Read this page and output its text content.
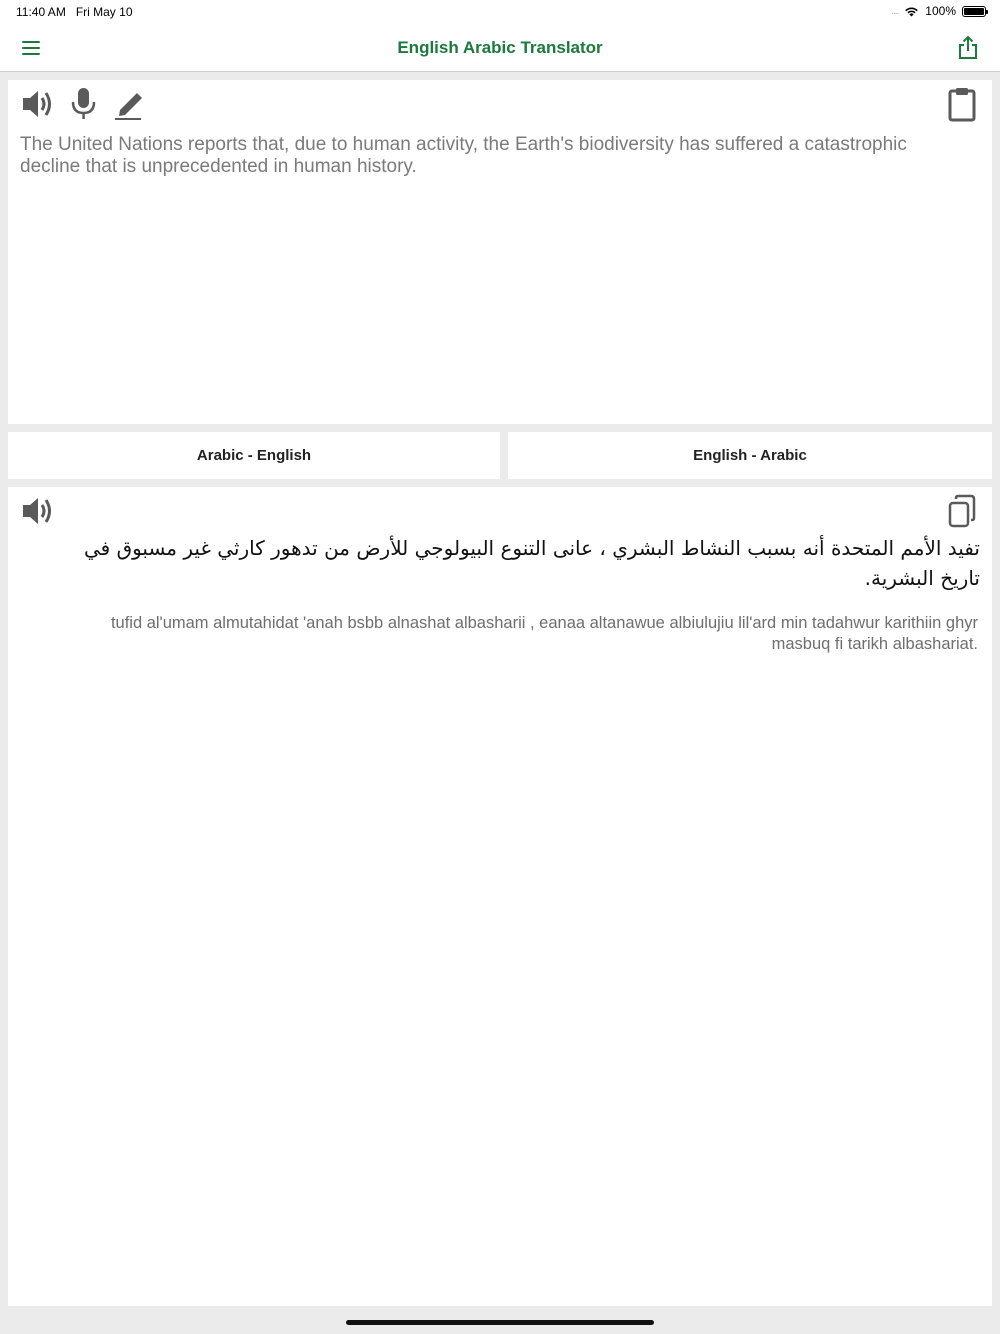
11:40 AM Fri May 10	.... 100%
English Arabic Translator
The United Nations reports that, due to human activity, the Earth's biodiversity has suffered a catastrophic decline that is unprecedented in human history.
Arabic - English	English - Arabic
تفيد الأمم المتحدة أنه بسبب النشاط البشري ، عانى التنوع البيولوجي للأرض من تدهور كارثي غير مسبوق في تاريخ البشرية.
tufid al'umam almutahidat 'anah bsbb alnashat albasharii , eanaa altanawue albiulujiu lil'ard min tadahwur karithiin ghyr masbuq fi tarikh albashariat.
